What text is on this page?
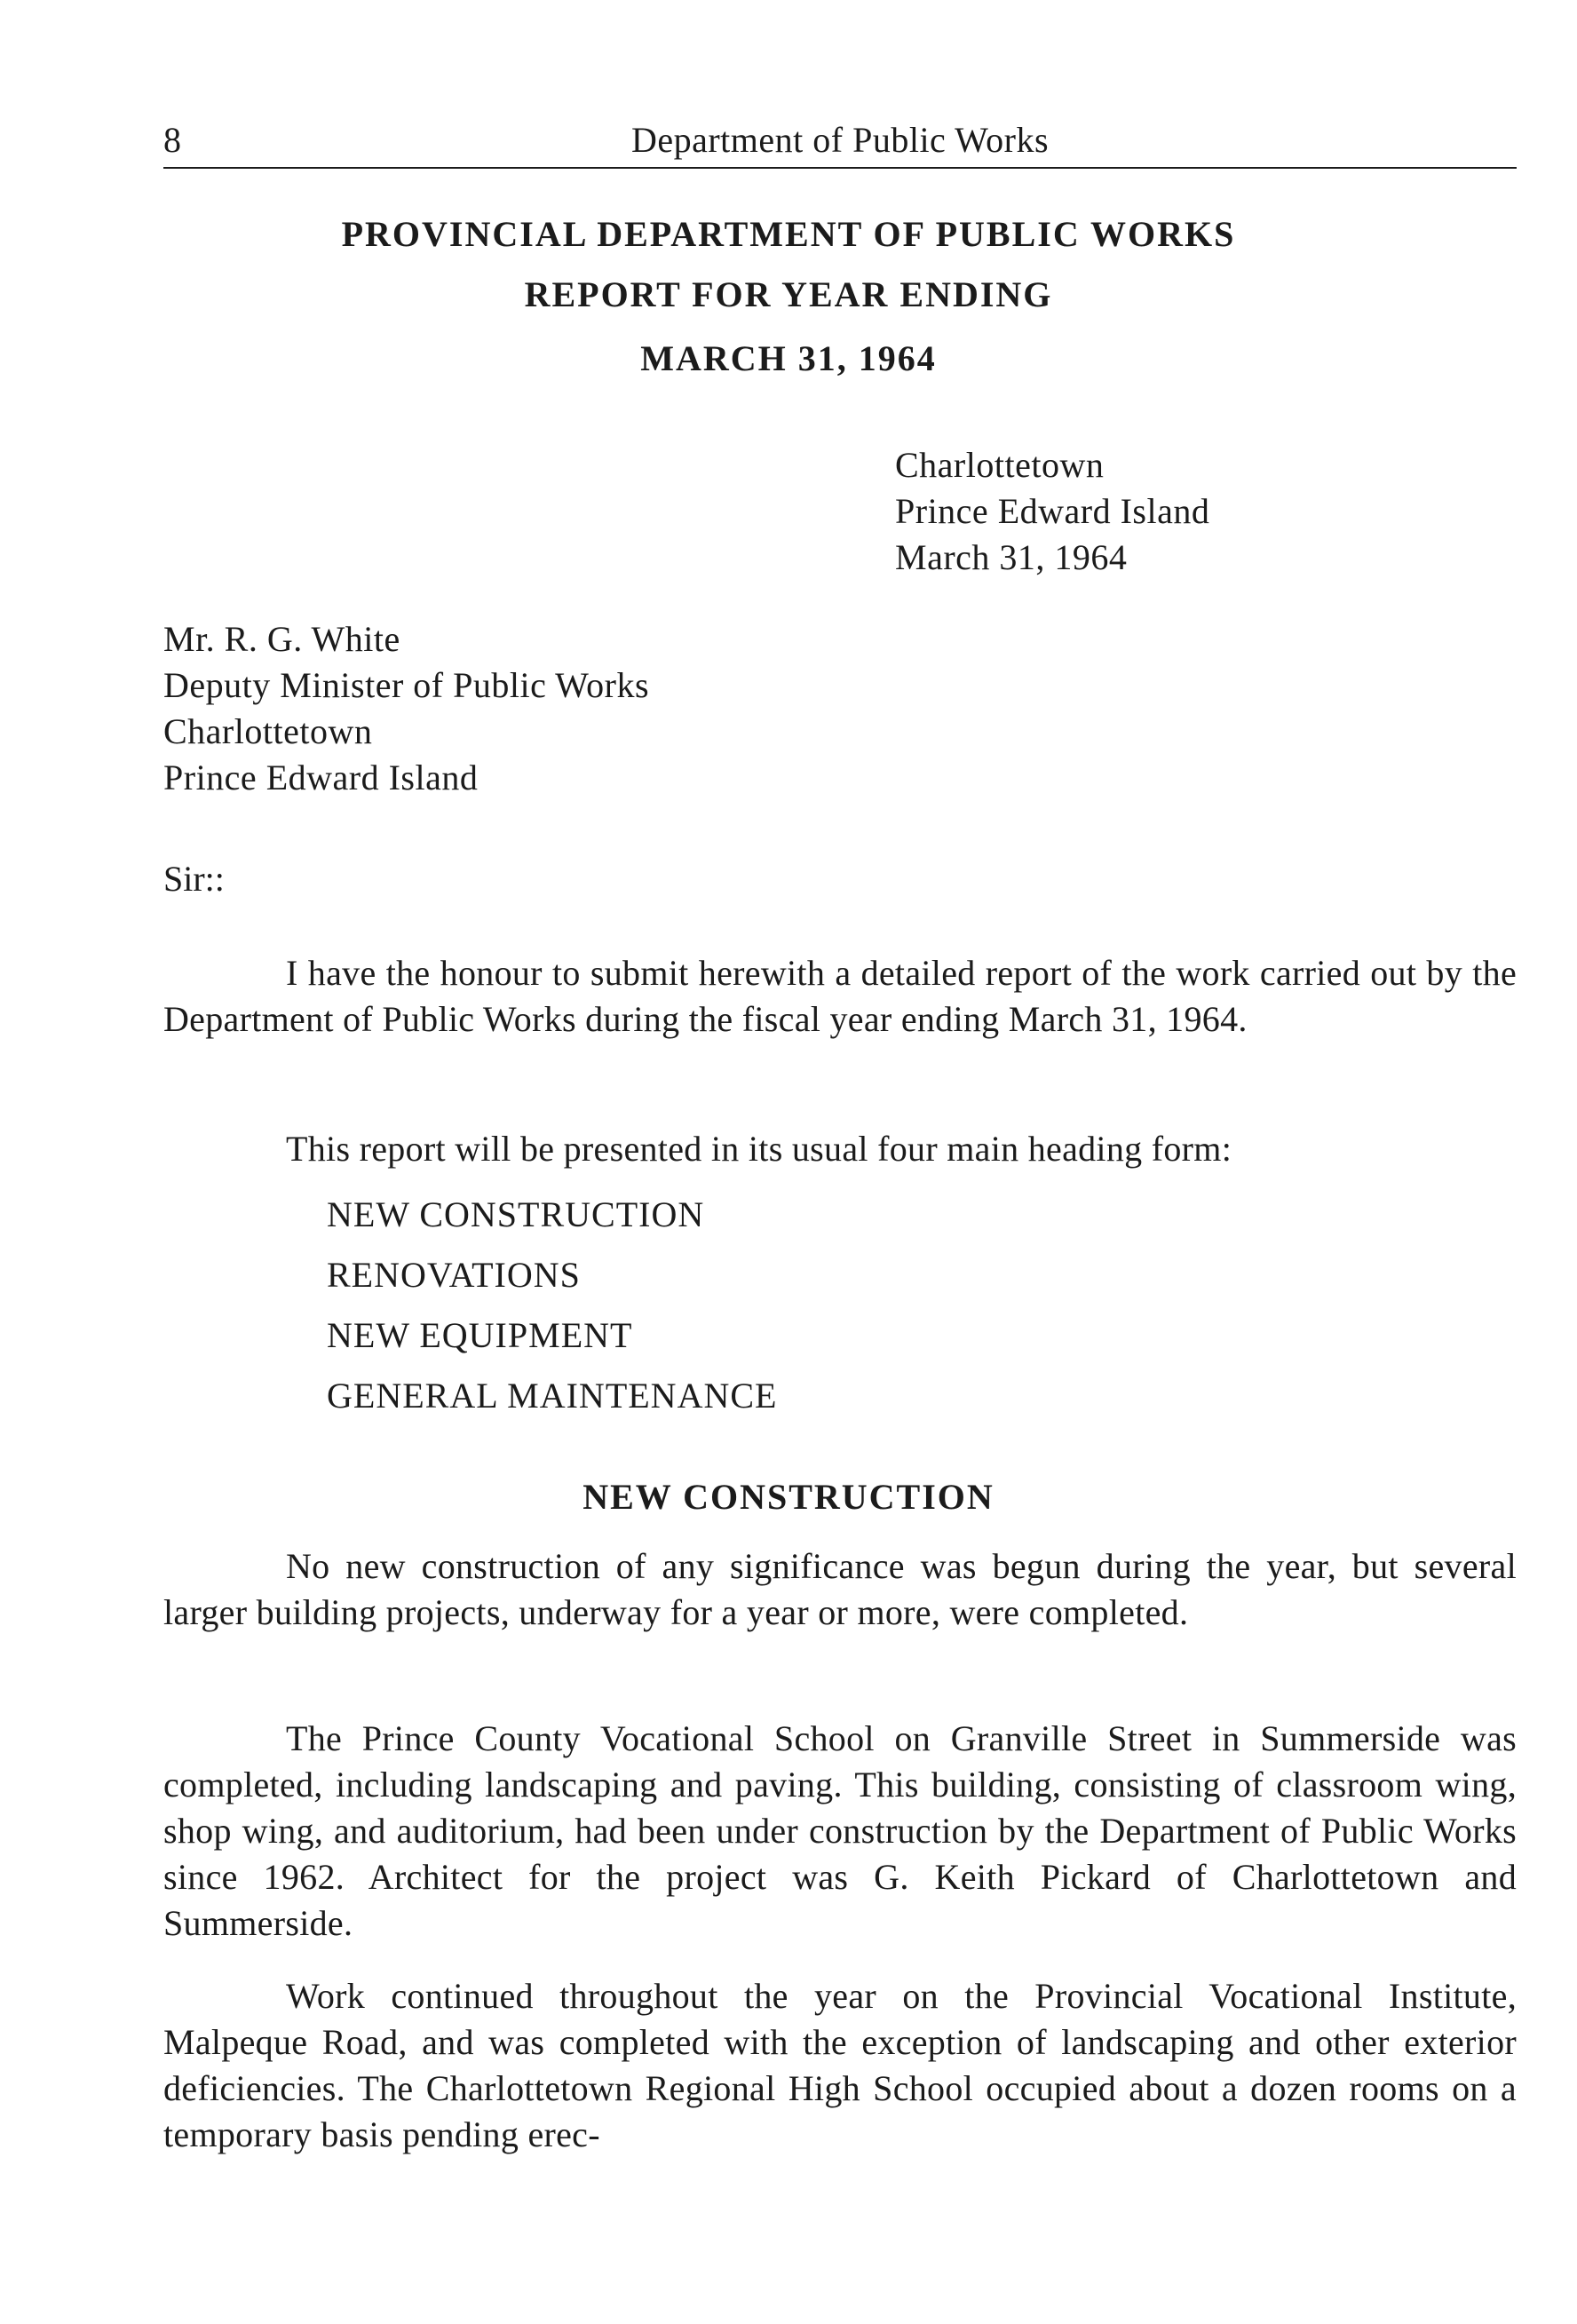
8	Department of Public Works
PROVINCIAL DEPARTMENT OF PUBLIC WORKS
REPORT FOR YEAR ENDING
MARCH 31, 1964
Charlottetown
Prince Edward Island
March 31, 1964
Mr. R. G. White
Deputy Minister of Public Works
Charlottetown
Prince Edward Island
Sir::

I have the honour to submit herewith a detailed report of the work carried out by the Department of Public Works during the fiscal year ending March 31, 1964.

This report will be presented in its usual four main heading form:

NEW CONSTRUCTION
RENOVATIONS
NEW EQUIPMENT
GENERAL MAINTENANCE
NEW CONSTRUCTION

No new construction of any significance was begun during the year, but several larger building projects, underway for a year or more, were completed.

The Prince County Vocational School on Granville Street in Summerside was completed, including landscaping and paving. This building, consisting of classroom wing, shop wing, and auditorium, had been under construction by the Department of Public Works since 1962. Architect for the project was G. Keith Pickard of Charlottetown and Summerside.

Work continued throughout the year on the Provincial Vocational Institute, Malpeque Road, and was completed with the exception of landscaping and other exterior deficiencies. The Charlottetown Regional High School occupied about a dozen rooms on a temporary basis pending erec-
